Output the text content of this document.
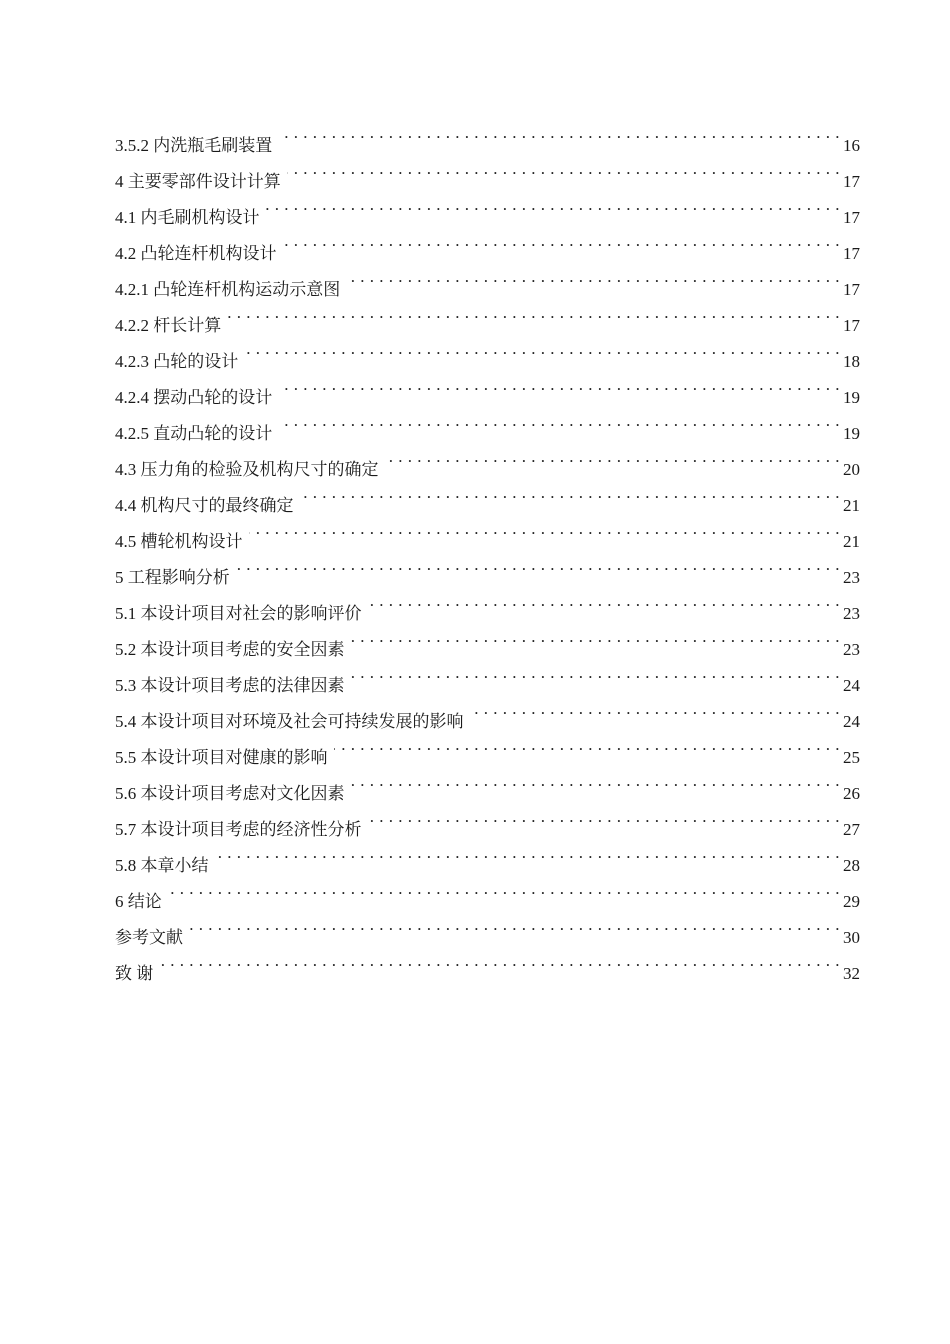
3.5.2 内洗瓶毛刷装置 . . .	16
4 主要零部件设计计算 . . .	17
4.1 内毛刷机构设计 . . .	17
4.2 凸轮连杆机构设计 . . .	17
4.2.1 凸轮连杆机构运动示意图 . . .	17
4.2.2 杆长计算 . . .	17
4.2.3 凸轮的设计 . . .	18
4.2.4 摆动凸轮的设计 . . .	19
4.2.5 直动凸轮的设计 . . .	19
4.3 压力角的检验及机构尺寸的确定 . . .	20
4.4 机构尺寸的最终确定 . . .	21
4.5 槽轮机构设计 . . .	21
5 工程影响分析 . . .	23
5.1 本设计项目对社会的影响评价 . . .	23
5.2 本设计项目考虑的安全因素 . . .	23
5.3 本设计项目考虑的法律因素 . . .	24
5.4 本设计项目对环境及社会可持续发展的影响 . . .	24
5.5 本设计项目对健康的影响 . . .	25
5.6 本设计项目考虑对文化因素 . . .	26
5.7 本设计项目考虑的经济性分析 . . .	27
5.8 本章小结 . . .	28
6 结论 . . .	29
参考文献 . . .	30
致 谢 . . .	32
